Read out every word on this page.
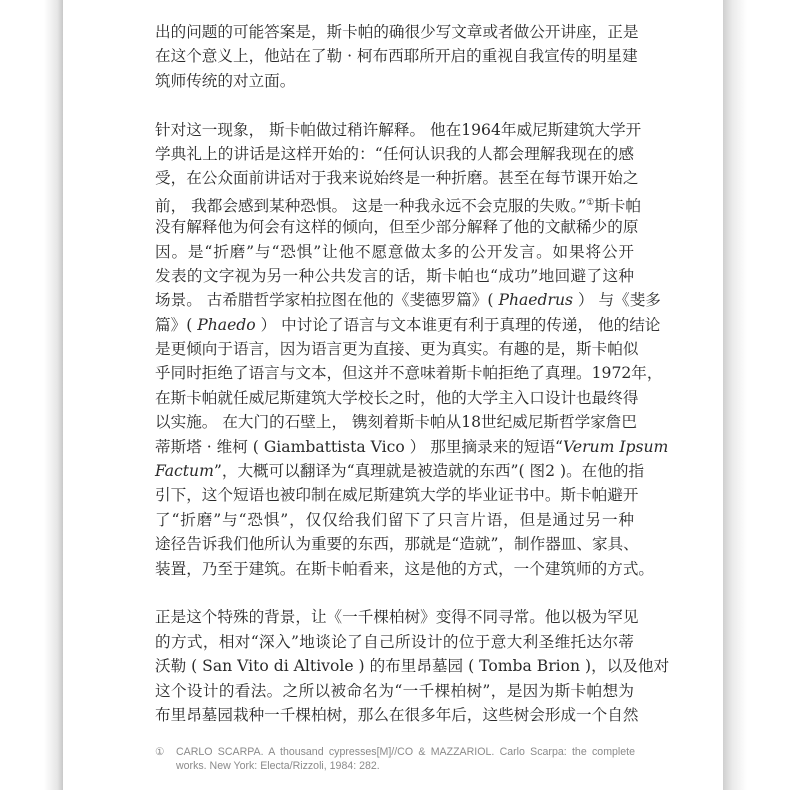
出的问题的可能答案是，斯卡帕的确很少写文章或者做公开讲座，正是
在这个意义上，他站在了勒 · 柯布西耶所开启的重视自我宣传的明星建
筑师传统的对立面。
针对这一现象， 斯卡帕做过稍许解释。 他在1964年威尼斯建筑大学开
学典礼上的讲话是这样开始的：“任何认识我的人都会理解我现在的感
受，在公众面前讲话对于我来说始终是一种折磨。甚至在每节课开始之
前， 我都会感到某种恐惧。 这是一种我永远不会克服的失败。”①斯卡帕
没有解释他为何会有这样的倾向，但至少部分解释了他的文献稀少的原
因。是“折磨”与“恐惧”让他不愿意做太多的公开发言。如果将公开
发表的文字视为另一种公共发言的话，斯卡帕也“成功”地回避了这种
场景。 古希腊哲学家柏拉图在他的《斐德罗篇》( Phaedrus ） 与《斐多
篇》( Phaedo ） 中讨论了语言与文本谁更有利于真理的传递， 他的结论
是更倾向于语言，因为语言更为直接、更为真实。有趣的是，斯卡帕似
乎同时拒绝了语言与文本，但这并不意味着斯卡帕拒绝了真理。1972年，
在斯卡帕就任威尼斯建筑大学校长之时，他的大学主入口设计也最终得
以实施。 在大门的石壁上， 镌刻着斯卡帕从18世纪威尼斯哲学家詹巴
蒂斯塔 · 维柯 ( Giambattista Vico ） 那里摘录来的短语“Verum Ipsum
Factum”，大概可以翻译为“真理就是被造就的东西”( 图2 )。在他的指
引下，这个短语也被印制在威尼斯建筑大学的毕业证书中。斯卡帕避开
了“折磨”与“恐惧”，仅仅给我们留下了只言片语，但是通过另一种
途径告诉我们他所认为重要的东西，那就是“造就”，制作器皿、家具、
装置，乃至于建筑。在斯卡帕看来，这是他的方式，一个建筑师的方式。
正是这个特殊的背景，让《一千棵柏树》变得不同寻常。他以极为罕见
的方式，相对“深入”地谈论了自己所设计的位于意大利圣维托达尔蒂
沃勒 ( San Vito di Altivole ) 的布里昂墓园 ( Tomba Brion )，以及他对
这个设计的看法。之所以被命名为“一千棵柏树”，是因为斯卡帕想为
布里昂墓园栽种一千棵柏树，那么在很多年后，这些树会形成一个自然
① CARLO SCARPA. A thousand cypresses[M]//CO & MAZZARIOL. Carlo Scarpa: the complete works. New York: Electa/Rizzoli, 1984: 282.
